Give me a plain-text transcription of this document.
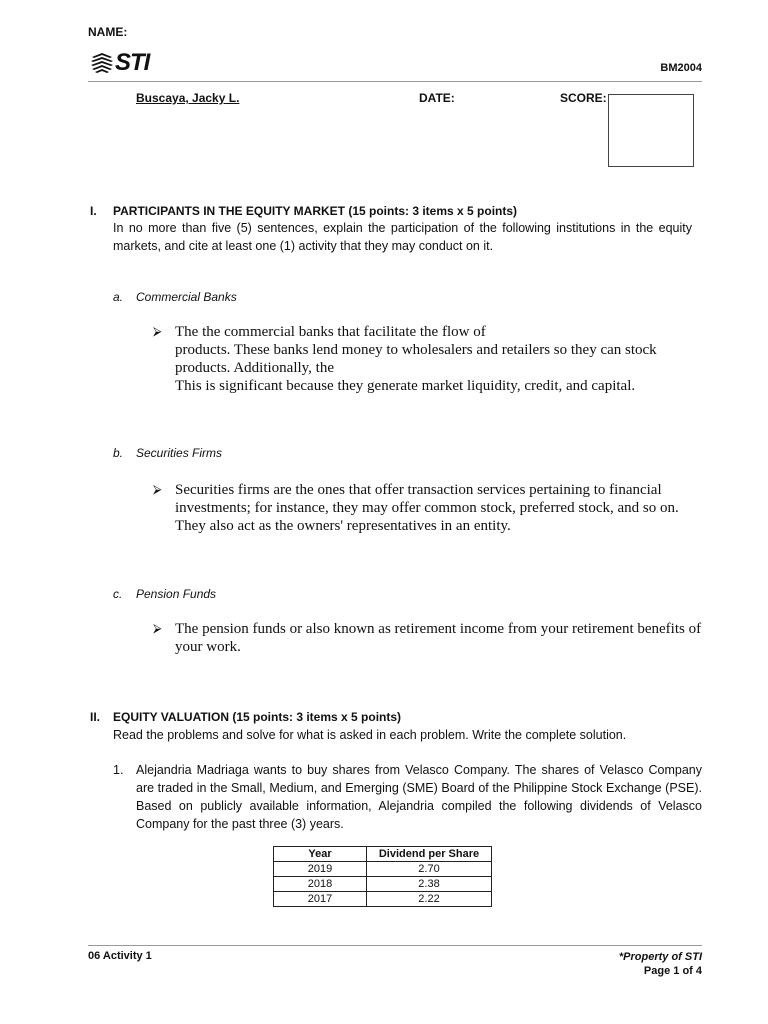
NAME:
STI	BM2004
Buscaya, Jacky L.	DATE:	SCORE:
I. PARTICIPANTS IN THE EQUITY MARKET (15 points: 3 items x 5 points)
In no more than five (5) sentences, explain the participation of the following institutions in the equity markets, and cite at least one (1) activity that they may conduct on it.
a. Commercial Banks
⮚ The the commercial banks that facilitate the flow of
products. These banks lend money to wholesalers and retailers so they can stock
products. Additionally, the
This is significant because they generate market liquidity, credit, and capital.
b. Securities Firms
⮚ Securities firms are the ones that offer transaction services pertaining to financial investments; for instance, they may offer common stock, preferred stock, and so on. They also act as the owners' representatives in an entity.
c. Pension Funds
⮚ The pension funds or also known as retirement income from your retirement benefits of your work.
II. EQUITY VALUATION (15 points: 3 items x 5 points)
Read the problems and solve for what is asked in each problem. Write the complete solution.
1. Alejandria Madriaga wants to buy shares from Velasco Company. The shares of Velasco Company are traded in the Small, Medium, and Emerging (SME) Board of the Philippine Stock Exchange (PSE). Based on publicly available information, Alejandria compiled the following dividends of Velasco Company for the past three (3) years.
Year	Dividend per Share
2019	2.70
2018	2.38
2017	2.22
06 Activity 1	*Property of STI
Page 1 of 4
